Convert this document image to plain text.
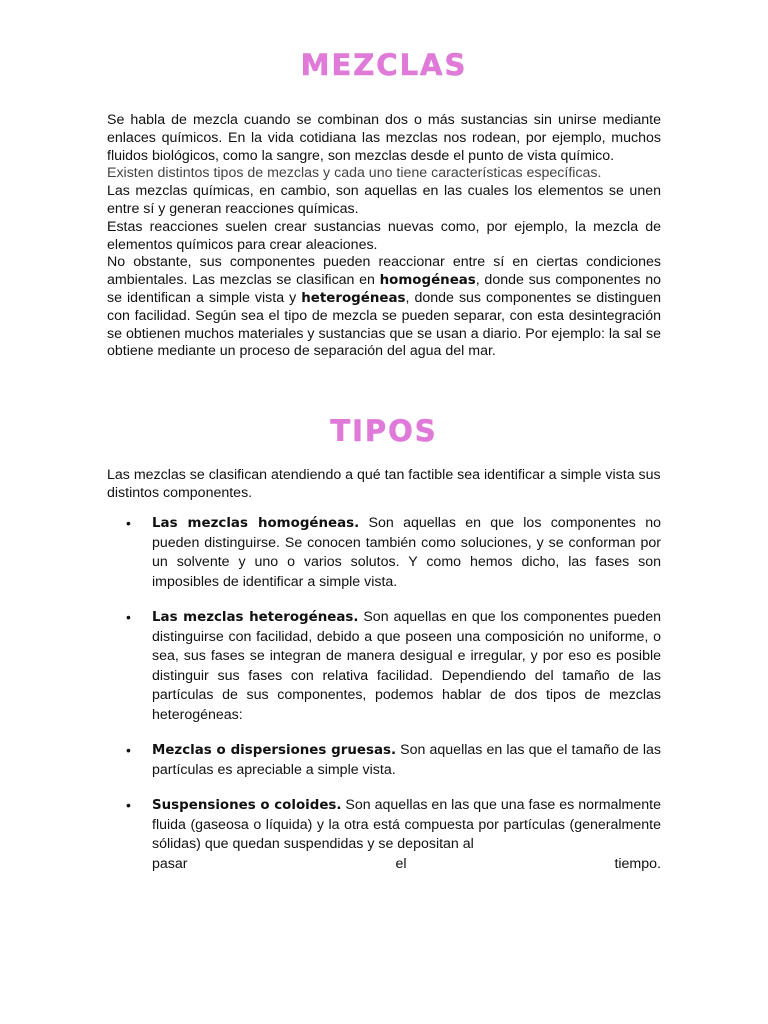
MEZCLAS

Se habla de mezcla cuando se combinan dos o más sustancias sin unirse mediante enlaces químicos. En la vida cotidiana las mezclas nos rodean, por ejemplo, muchos fluidos biológicos, como la sangre, son mezclas desde el punto de vista químico.

Existen distintos tipos de mezclas y cada uno tiene características específicas.

Las mezclas químicas, en cambio, son aquellas en las cuales los elementos se unen entre sí y generan reacciones químicas.

Estas reacciones suelen crear sustancias nuevas como, por ejemplo, la mezcla de elementos químicos para crear aleaciones.

No obstante, sus componentes pueden reaccionar entre sí en ciertas condiciones ambientales. Las mezclas se clasifican en homogéneas, donde sus componentes no se identifican a simple vista y heterogéneas, donde sus componentes se distinguen con facilidad. Según sea el tipo de mezcla se pueden separar, con esta desintegración se obtienen muchos materiales y sustancias que se usan a diario. Por ejemplo: la sal se obtiene mediante un proceso de separación del agua del mar.

TIPOS
Las mezclas se clasifican atendiendo a qué tan factible sea identificar a simple vista sus distintos componentes.
• Las mezclas homogéneas. Son aquellas en que los componentes no pueden distinguirse. Se conocen también como soluciones, y se conforman por un solvente y uno o varios solutos. Y como hemos dicho, las fases son imposibles de identificar a simple vista.
• Las mezclas heterogéneas. Son aquellas en que los componentes pueden distinguirse con facilidad, debido a que poseen una composición no uniforme, o sea, sus fases se integran de manera desigual e irregular, y por eso es posible distinguir sus fases con relativa facilidad. Dependiendo del tamaño de las partículas de sus componentes, podemos hablar de dos tipos de mezclas heterogéneas:
• Mezclas o dispersiones gruesas. Son aquellas en las que el tamaño de las partículas es apreciable a simple vista.
• Suspensiones o coloides. Son aquellas en las que una fase es normalmente fluida (gaseosa o líquida) y la otra está compuesta por partículas (generalmente sólidas) que quedan suspendidas y se depositan al
pasar	el	tiempo.
